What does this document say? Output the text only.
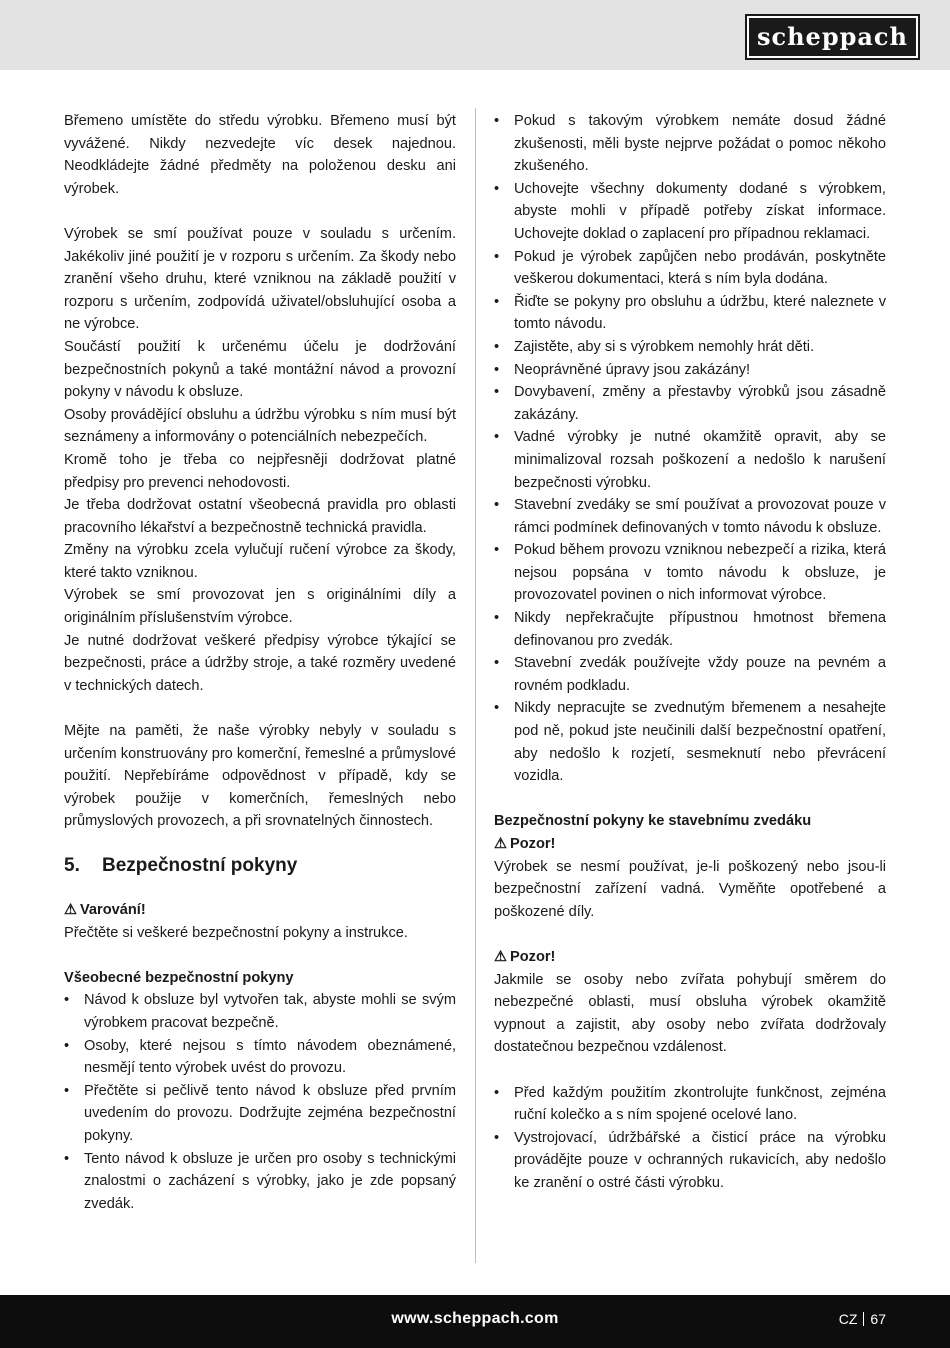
scheppach

Břemeno umístěte do středu výrobku. Břemeno musí být vyvážené. Nikdy nezvedejte víc desek najednou. Neodkládejte žádné předměty na položenou desku ani výrobek.

Výrobek se smí používat pouze v souladu s určením. Jakékoliv jiné použití je v rozporu s určením. Za škody nebo zranění všeho druhu, které vzniknou na základě použití v rozporu s určením, zodpovídá uživatel/obsluhující osoba a ne výrobce.

Součástí použití k určenému účelu je dodržování bezpečnostních pokynů a také montážní návod a provozní pokyny v návodu k obsluze.

Osoby provádějící obsluhu a údržbu výrobku s ním musí být seznámeny a informovány o potenciálních nebezpečích.

Kromě toho je třeba co nejpřesněji dodržovat platné předpisy pro prevenci nehodovosti.

Je třeba dodržovat ostatní všeobecná pravidla pro oblasti pracovního lékařství a bezpečnostně technická pravidla.

Změny na výrobku zcela vylučují ručení výrobce za škody, které takto vzniknou.

Výrobek se smí provozovat jen s originálními díly a originálním příslušenstvím výrobce.

Je nutné dodržovat veškeré předpisy výrobce týkající se bezpečnosti, práce a údržby stroje, a také rozměry uvedené v technických datech.

Mějte na paměti, že naše výrobky nebyly v souladu s určením konstruovány pro komerční, řemeslné a průmyslové použití. Nepřebíráme odpovědnost v případě, kdy se výrobek použije v komerčních, řemeslných nebo průmyslových provozech, a při srovnatelných činnostech.

5. Bezpečnostní pokyny
⚠ Varování!

Přečtěte si veškeré bezpečnostní pokyny a instrukce.

Všeobecné bezpečnostní pokyny
• Návod k obsluze byl vytvořen tak, abyste mohli se svým výrobkem pracovat bezpečně.
• Osoby, které nejsou s tímto návodem obeznámené, nesmějí tento výrobek uvést do provozu.
• Přečtěte si pečlivě tento návod k obsluze před prvním uvedením do provozu. Dodržujte zejména bezpečnostní pokyny.
• Tento návod k obsluze je určen pro osoby s technickými znalostmi o zacházení s výrobky, jako je zde popsaný zvedák.
• Pokud s takovým výrobkem nemáte dosud žádné zkušenosti, měli byste nejprve požádat o pomoc někoho zkušeného.
• Uchovejte všechny dokumenty dodané s výrobkem, abyste mohli v případě potřeby získat informace. Uchovejte doklad o zaplacení pro případnou reklamaci.
• Pokud je výrobek zapůjčen nebo prodáván, poskytněte veškerou dokumentaci, která s ním byla dodána.
• Řiďte se pokyny pro obsluhu a údržbu, které naleznete v tomto návodu.
• Zajistěte, aby si s výrobkem nemohly hrát děti.
• Neoprávněné úpravy jsou zakázány!
• Dovybavení, změny a přestavby výrobků jsou zásadně zakázány.
• Vadné výrobky je nutné okamžitě opravit, aby se minimalizoval rozsah poškození a nedošlo k narušení bezpečnosti výrobku.
• Stavební zvedáky se smí používat a provozovat pouze v rámci podmínek definovaných v tomto návodu k obsluze.
• Pokud během provozu vzniknou nebezpečí a rizika, která nejsou popsána v tomto návodu k obsluze, je provozovatel povinen o nich informovat výrobce.
• Nikdy nepřekračujte přípustnou hmotnost břemena definovanou pro zvedák.
• Stavební zvedák používejte vždy pouze na pevném a rovném podkladu.
• Nikdy nepracujte se zvednutým břemenem a nesahejte pod ně, pokud jste neučinili další bezpečnostní opatření, aby nedošlo k rozjetí, sesmeknutí nebo převrácení vozidla.
Bezpečnostní pokyny ke stavebnímu zvedáku
⚠ Pozor!

Výrobek se nesmí používat, je-li poškozený nebo jsou-li bezpečnostní zařízení vadná. Vyměňte opotřebené a poškozené díly.

⚠ Pozor!

Jakmile se osoby nebo zvířata pohybují směrem do nebezpečné oblasti, musí obsluha výrobek okamžitě vypnout a zajistit, aby osoby nebo zvířata dodržovaly dostatečnou bezpečnou vzdálenost.

• Před každým použitím zkontrolujte funkčnost, zejména ruční kolečko a s ním spojené ocelové lano.
• Vystrojovací, údržbářské a čisticí práce na výrobku provádějte pouze v ochranných rukavicích, aby nedošlo ke zranění o ostré části výrobku.
www.scheppach.com	CZ 67
